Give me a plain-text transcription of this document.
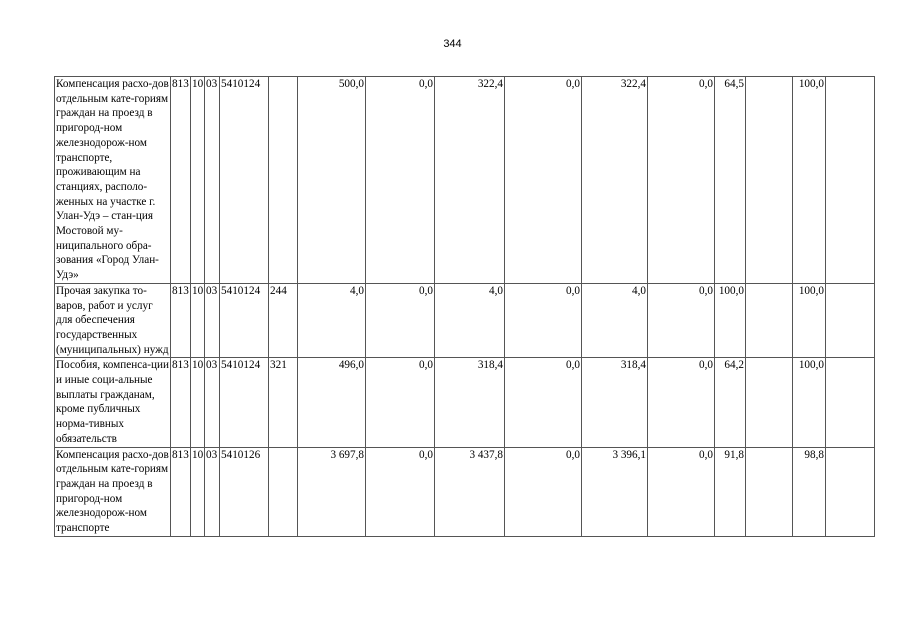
344
Компенсация расхо-дов отдельным кате-гориям граждан на проезд в пригород-ном железнодорож-ном транспорте, проживающим на станциях, располо-женных на участке г. Улан-Удэ – стан-ция Мостовой му-ниципального обра-зования «Город Улан-Удэ»	813	10	03	5410124		500,0	0,0	322,4	0,0	322,4	0,0	64,5		100,0	
Прочая закупка то-варов, работ и услуг для обеспечения государственных (муниципальных) нужд	813	10	03	5410124	244	4,0	0,0	4,0	0,0	4,0	0,0	100,0		100,0	
Пособия, компенса-ции и иные соци-альные выплаты гражданам, кроме публичных норма-тивных обязательств	813	10	03	5410124	321	496,0	0,0	318,4	0,0	318,4	0,0	64,2		100,0	
Компенсация расхо-дов отдельным кате-гориям граждан на проезд в пригород-ном железнодорож-ном транспорте	813	10	03	5410126		3 697,8	0,0	3 437,8	0,0	3 396,1	0,0	91,8		98,8	
